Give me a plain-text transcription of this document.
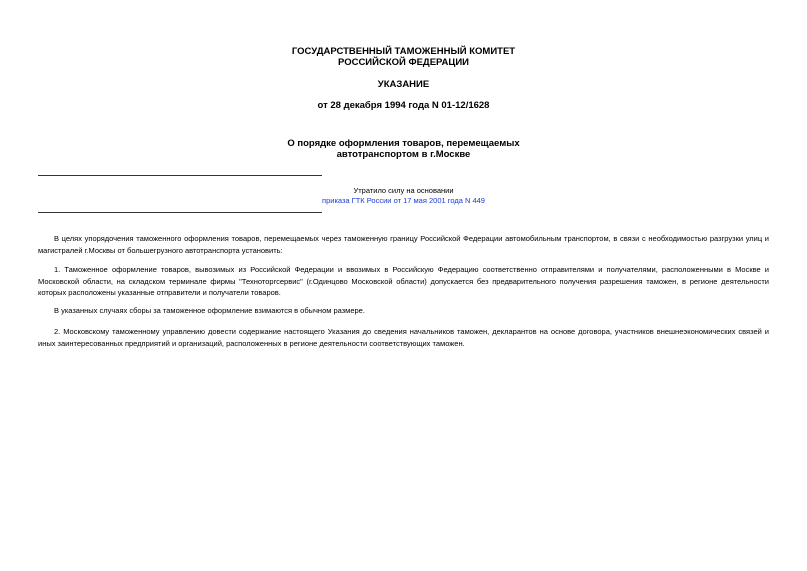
ГОСУДАРСТВЕННЫЙ ТАМОЖЕННЫЙ КОМИТЕТ
РОССИЙСКОЙ ФЕДЕРАЦИИ
УКАЗАНИЕ
от 28 декабря 1994 года N 01-12/1628
О порядке оформления товаров, перемещаемых
автотранспортом в г.Москве
Утратило силу на основании
приказа ГТК России от 17 мая 2001 года N 449

В целях упорядочения таможенного оформления товаров, перемещаемых через таможенную границу Российской Федерации автомобильным транспортом, в связи с необходимостью разгрузки улиц и магистралей г.Москвы от большегрузного автотранспорта установить:

1. Таможенное оформление товаров, вывозимых из Российской Федерации и ввозимых в Российскую Федерацию соответственно отправителями и получателями, расположенными в Москве и Московской области, на складском терминале фирмы "Техноторгсервис" (г.Одинцово Московской области) допускается без предварительного получения разрешения таможен, в регионе деятельности которых расположены указанные отправители и получатели товаров.

В указанных случаях сборы за таможенное оформление взимаются в обычном размере.

2. Московскому таможенному управлению довести содержание настоящего Указания до сведения начальников таможен, декларантов на основе договора, участников внешнеэкономических связей и иных заинтересованных предприятий и организаций, расположенных в регионе деятельности соответствующих таможен.
